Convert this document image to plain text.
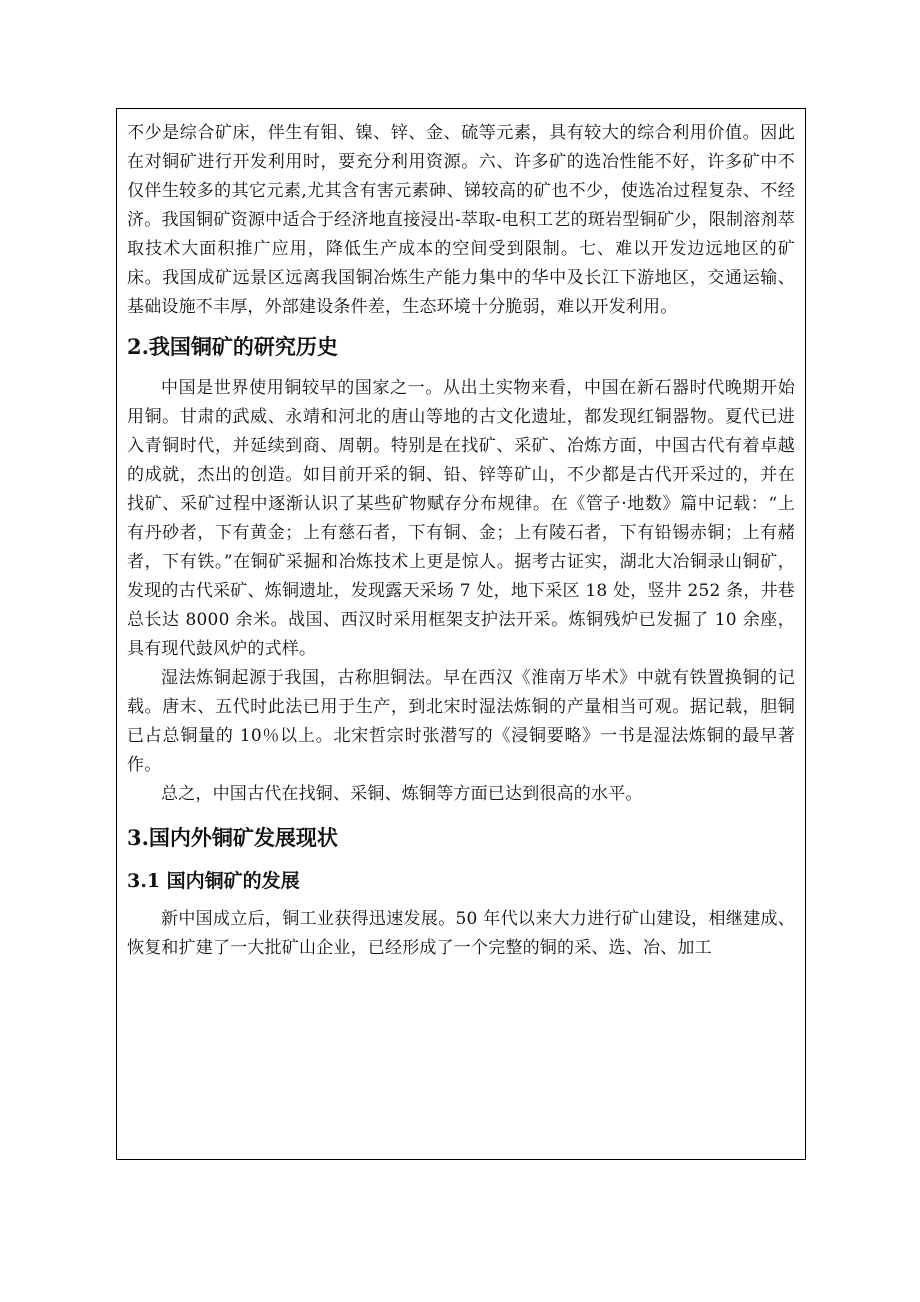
不少是综合矿床，伴生有钼、镍、锌、金、硫等元素，具有较大的综合利用价值。因此在对铜矿进行开发利用时，要充分利用资源。六、许多矿的选冶性能不好，许多矿中不仅伴生较多的其它元素,尤其含有害元素砷、锑较高的矿也不少，使选冶过程复杂、不经济。我国铜矿资源中适合于经济地直接浸出-萃取-电积工艺的斑岩型铜矿少，限制溶剂萃取技术大面积推广应用，降低生产成本的空间受到限制。七、难以开发边远地区的矿床。我国成矿远景区远离我国铜冶炼生产能力集中的华中及长江下游地区，交通运输、基础设施不丰厚，外部建设条件差，生态环境十分脆弱，难以开发利用。

2.我国铜矿的研究历史

中国是世界使用铜较早的国家之一。从出土实物来看，中国在新石器时代晚期开始用铜。甘肃的武威、永靖和河北的唐山等地的古文化遗址，都发现红铜器物。夏代已进入青铜时代，并延续到商、周朝。特别是在找矿、采矿、冶炼方面，中国古代有着卓越的成就，杰出的创造。如目前开采的铜、铅、锌等矿山，不少都是古代开采过的，并在找矿、采矿过程中逐渐认识了某些矿物赋存分布规律。在《管子·地数》篇中记载：“上有丹砂者，下有黄金；上有慈石者，下有铜、金；上有陵石者，下有铅锡赤铜；上有赭者，下有铁。”在铜矿采掘和冶炼技术上更是惊人。据考古证实，湖北大冶铜录山铜矿，发现的古代采矿、炼铜遗址，发现露天采场 7 处，地下采区 18 处，竖井 252 条，井巷总长达 8000 余米。战国、西汉时采用框架支护法开采。炼铜残炉已发掘了 10 余座，具有现代鼓风炉的式样。

湿法炼铜起源于我国，古称胆铜法。早在西汉《淮南万毕术》中就有铁置换铜的记载。唐末、五代时此法已用于生产，到北宋时湿法炼铜的产量相当可观。据记载，胆铜已占总铜量的 10％以上。北宋哲宗时张潜写的《浸铜要略》一书是湿法炼铜的最早著作。

总之，中国古代在找铜、采铜、炼铜等方面已达到很高的水平。

3.国内外铜矿发展现状
3.1 国内铜矿的发展

新中国成立后，铜工业获得迅速发展。50 年代以来大力进行矿山建设，相继建成、恢复和扩建了一大批矿山企业，已经形成了一个完整的铜的采、选、冶、加工
